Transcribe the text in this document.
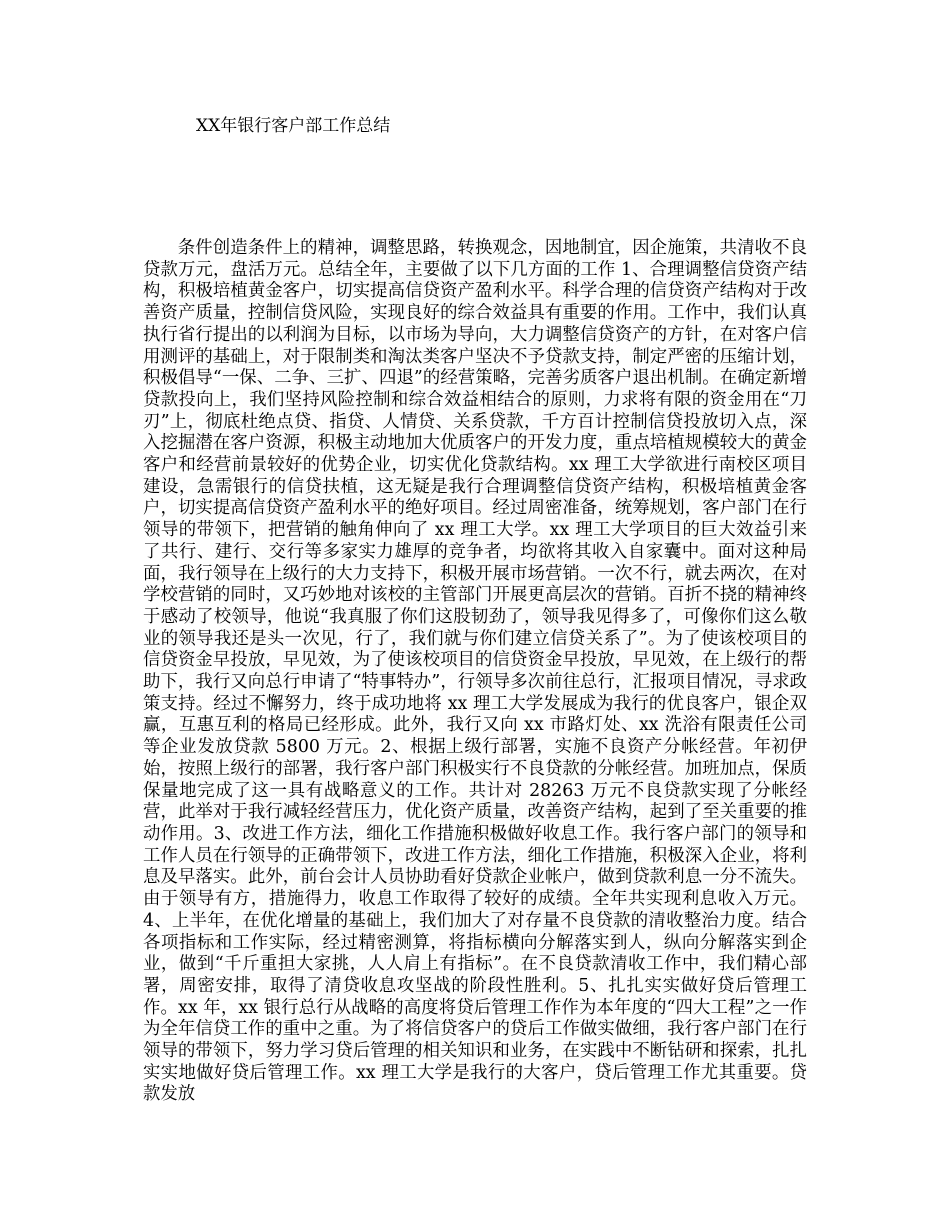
XX年银行客户部工作总结

条件创造条件上的精神，调整思路，转换观念，因地制宜，因企施策，共清收不良贷款万元，盘活万元。总结全年，主要做了以下几方面的工作 1、合理调整信贷资产结构，积极培植黄金客户，切实提高信贷资产盈利水平。科学合理的信贷资产结构对于改善资产质量，控制信贷风险，实现良好的综合效益具有重要的作用。工作中，我们认真执行省行提出的以利润为目标，以市场为导向，大力调整信贷资产的方针，在对客户信用测评的基础上，对于限制类和淘汰类客户坚决不予贷款支持，制定严密的压缩计划，积极倡导“一保、二争、三扩、四退”的经营策略，完善劣质客户退出机制。在确定新增贷款投向上，我们坚持风险控制和综合效益相结合的原则，力求将有限的资金用在“刀刃”上，彻底杜绝点贷、指贷、人情贷、关系贷款，千方百计控制信贷投放切入点，深入挖掘潜在客户资源，积极主动地加大优质客户的开发力度，重点培植规模较大的黄金客户和经营前景较好的优势企业，切实优化贷款结构。xx 理工大学欲进行南校区项目建设，急需银行的信贷扶植，这无疑是我行合理调整信贷资产结构，积极培植黄金客户，切实提高信贷资产盈利水平的绝好项目。经过周密准备，统筹规划，客户部门在行领导的带领下，把营销的触角伸向了 xx 理工大学。xx 理工大学项目的巨大效益引来了共行、建行、交行等多家实力雄厚的竞争者，均欲将其收入自家囊中。面对这种局面，我行领导在上级行的大力支持下，积极开展市场营销。一次不行，就去两次，在对学校营销的同时，又巧妙地对该校的主管部门开展更高层次的营销。百折不挠的精神终于感动了校领导，他说“我真服了你们这股韧劲了，领导我见得多了，可像你们这么敬业的领导我还是头一次见，行了，我们就与你们建立信贷关系了”。为了使该校项目的信贷资金早投放，早见效，为了使该校项目的信贷资金早投放，早见效，在上级行的帮助下，我行又向总行申请了“特事特办”，行领导多次前往总行，汇报项目情况，寻求政策支持。经过不懈努力，终于成功地将 xx 理工大学发展成为我行的优良客户，银企双赢，互惠互利的格局已经形成。此外，我行又向 xx 市路灯处、xx 洗浴有限责任公司等企业发放贷款 5800 万元。2、根据上级行部署，实施不良资产分帐经营。年初伊始，按照上级行的部署，我行客户部门积极实行不良贷款的分帐经营。加班加点，保质保量地完成了这一具有战略意义的工作。共计对 28263 万元不良贷款实现了分帐经营，此举对于我行减轻经营压力，优化资产质量，改善资产结构，起到了至关重要的推动作用。3、改进工作方法，细化工作措施积极做好收息工作。我行客户部门的领导和工作人员在行领导的正确带领下，改进工作方法，细化工作措施，积极深入企业，将利息及早落实。此外，前台会计人员协助看好贷款企业帐户，做到贷款利息一分不流失。由于领导有方，措施得力，收息工作取得了较好的成绩。全年共实现利息收入万元。4、上半年，在优化增量的基础上，我们加大了对存量不良贷款的清收整治力度。结合各项指标和工作实际，经过精密测算，将指标横向分解落实到人，纵向分解落实到企业，做到“千斤重担大家挑，人人肩上有指标”。在不良贷款清收工作中，我们精心部署，周密安排，取得了清贷收息攻坚战的阶段性胜利。5、扎扎实实做好贷后管理工作。xx 年，xx 银行总行从战略的高度将贷后管理工作作为本年度的“四大工程”之一作为全年信贷工作的重中之重。为了将信贷客户的贷后工作做实做细，我行客户部门在行领导的带领下，努力学习贷后管理的相关知识和业务，在实践中不断钻研和探索，扎扎实实地做好贷后管理工作。xx 理工大学是我行的大客户，贷后管理工作尤其重要。贷款发放
